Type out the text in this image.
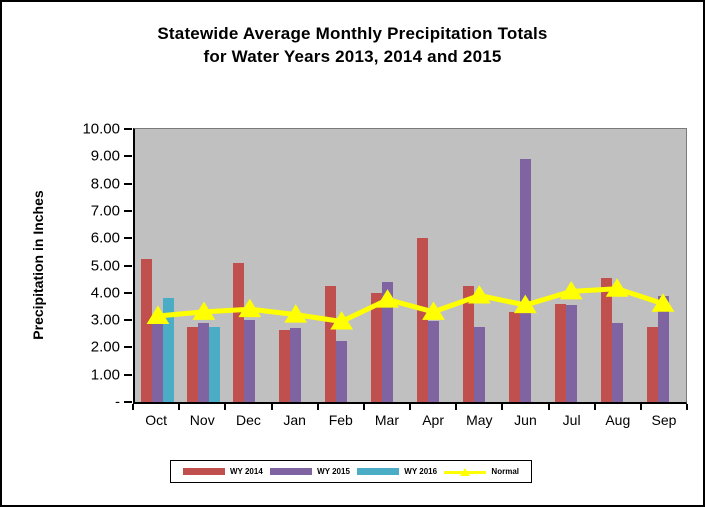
Statewide Average Monthly Precipitation Totals
for Water Years 2013, 2014 and 2015
Precipitation in Inches
10.00
9.00
8.00
7.00
6.00
5.00
4.00
3.00
2.00
1.00
-
Oct	Nov	Dec	Jan	Feb	Mar	Apr	May	Jun	Jul	Aug	Sep
WY 2014	WY 2015	WY 2016	Normal
